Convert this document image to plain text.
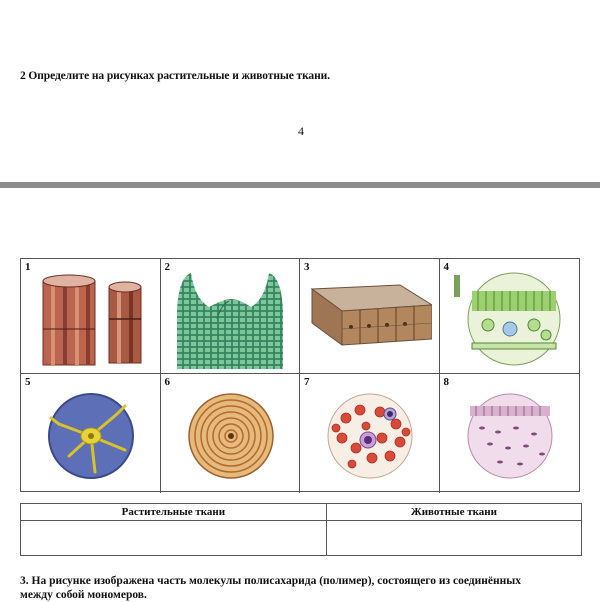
2 Определите на рисунках растительные и животные ткани.
4
1	2	3	4
5	6	7	8
Растительные ткани	Животные ткани

3. На рисунке изображена часть молекулы полисахарида (полимер), состоящего из соединённых
между собой мономеров.
